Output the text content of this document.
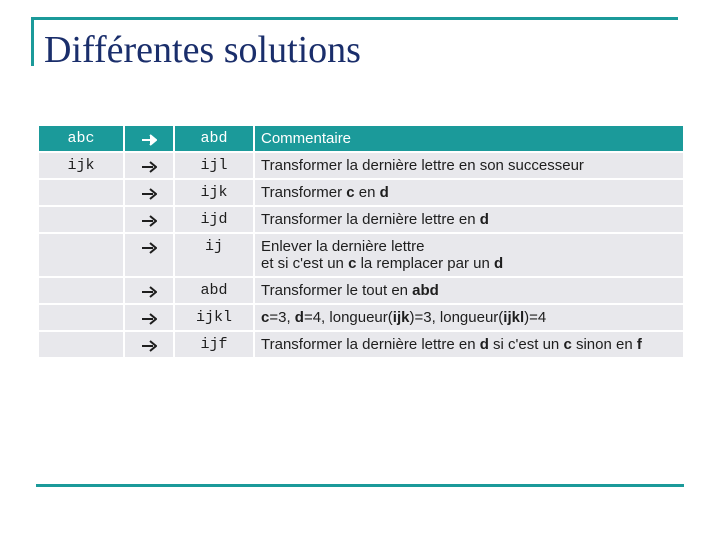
Différentes solutions
abc		abd	Commentaire
ijk		ijl	Transformer la dernière lettre en son successeur
		ijk	Transformer c en d
		ijd	Transformer la dernière lettre en d
		ij	Enlever la dernière lettre
et si c'est un c la remplacer par un d
		abd	Transformer le tout en abd
		ijkl	c=3, d=4, longueur(ijk)=3, longueur(ijkl)=4
		ijf	Transformer la dernière lettre en d si c'est un c sinon en f
